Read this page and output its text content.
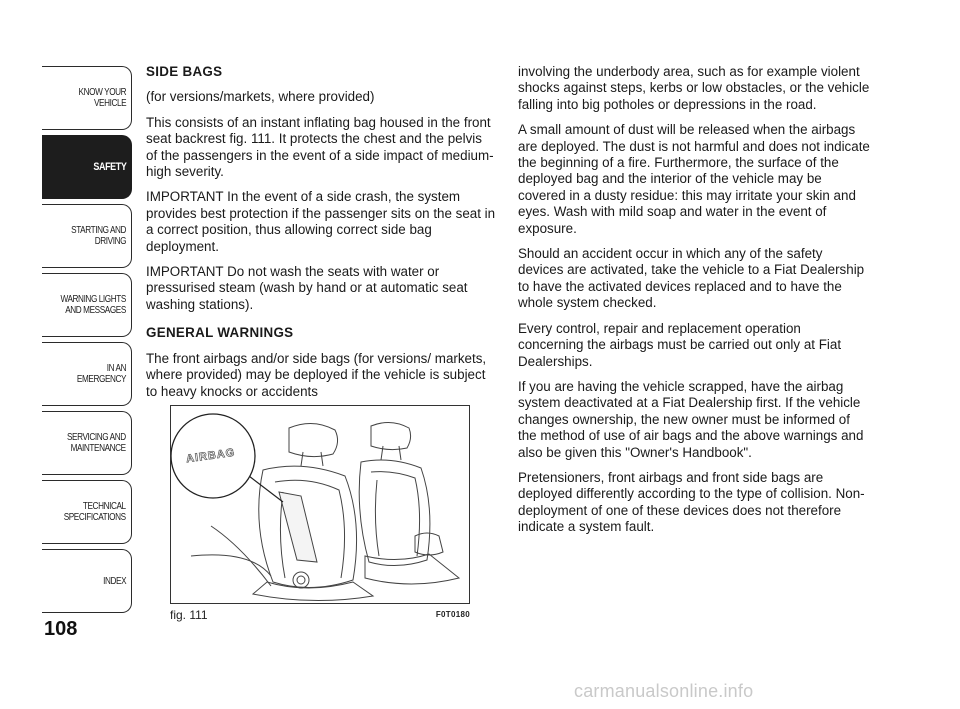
KNOW YOUR
VEHICLE
SAFETY
STARTING AND
DRIVING
WARNING LIGHTS
AND MESSAGES
IN AN EMERGENCY
SERVICING AND
MAINTENANCE
TECHNICAL
SPECIFICATIONS
INDEX
108

SIDE BAGS

(for versions/markets, where provided)

This consists of an instant inflating bag housed in the front seat backrest fig. 111. It protects the chest and the pelvis of the passengers in the event of a side impact of medium-high severity.

IMPORTANT In the event of a side crash, the system provides best protection if the passenger sits on the seat in a correct position, thus allowing correct side bag deployment.

IMPORTANT Do not wash the seats with water or pressurised steam (wash by hand or at automatic seat washing stations).

GENERAL WARNINGS

The front airbags and/or side bags (for versions/ markets, where provided) may be deployed if the vehicle is subject to heavy knocks or accidents

AIRBAG
fig. 111	F0T0180

involving the underbody area, such as for example violent shocks against steps, kerbs or low obstacles, or the vehicle falling into big potholes or depressions in the road.

A small amount of dust will be released when the airbags are deployed. The dust is not harmful and does not indicate the beginning of a fire. Furthermore, the surface of the deployed bag and the interior of the vehicle may be covered in a dusty residue: this may irritate your skin and eyes. Wash with mild soap and water in the event of exposure.

Should an accident occur in which any of the safety devices are activated, take the vehicle to a Fiat Dealership to have the activated devices replaced and to have the whole system checked.

Every control, repair and replacement operation concerning the airbags must be carried out only at Fiat Dealerships.

If you are having the vehicle scrapped, have the airbag system deactivated at a Fiat Dealership first. If the vehicle changes ownership, the new owner must be informed of the method of use of air bags and the above warnings and also be given this "Owner's Handbook".

Pretensioners, front airbags and front side bags are deployed differently according to the type of collision. Non-deployment of one of these devices does not therefore indicate a system fault.

carmanualsonline.info
